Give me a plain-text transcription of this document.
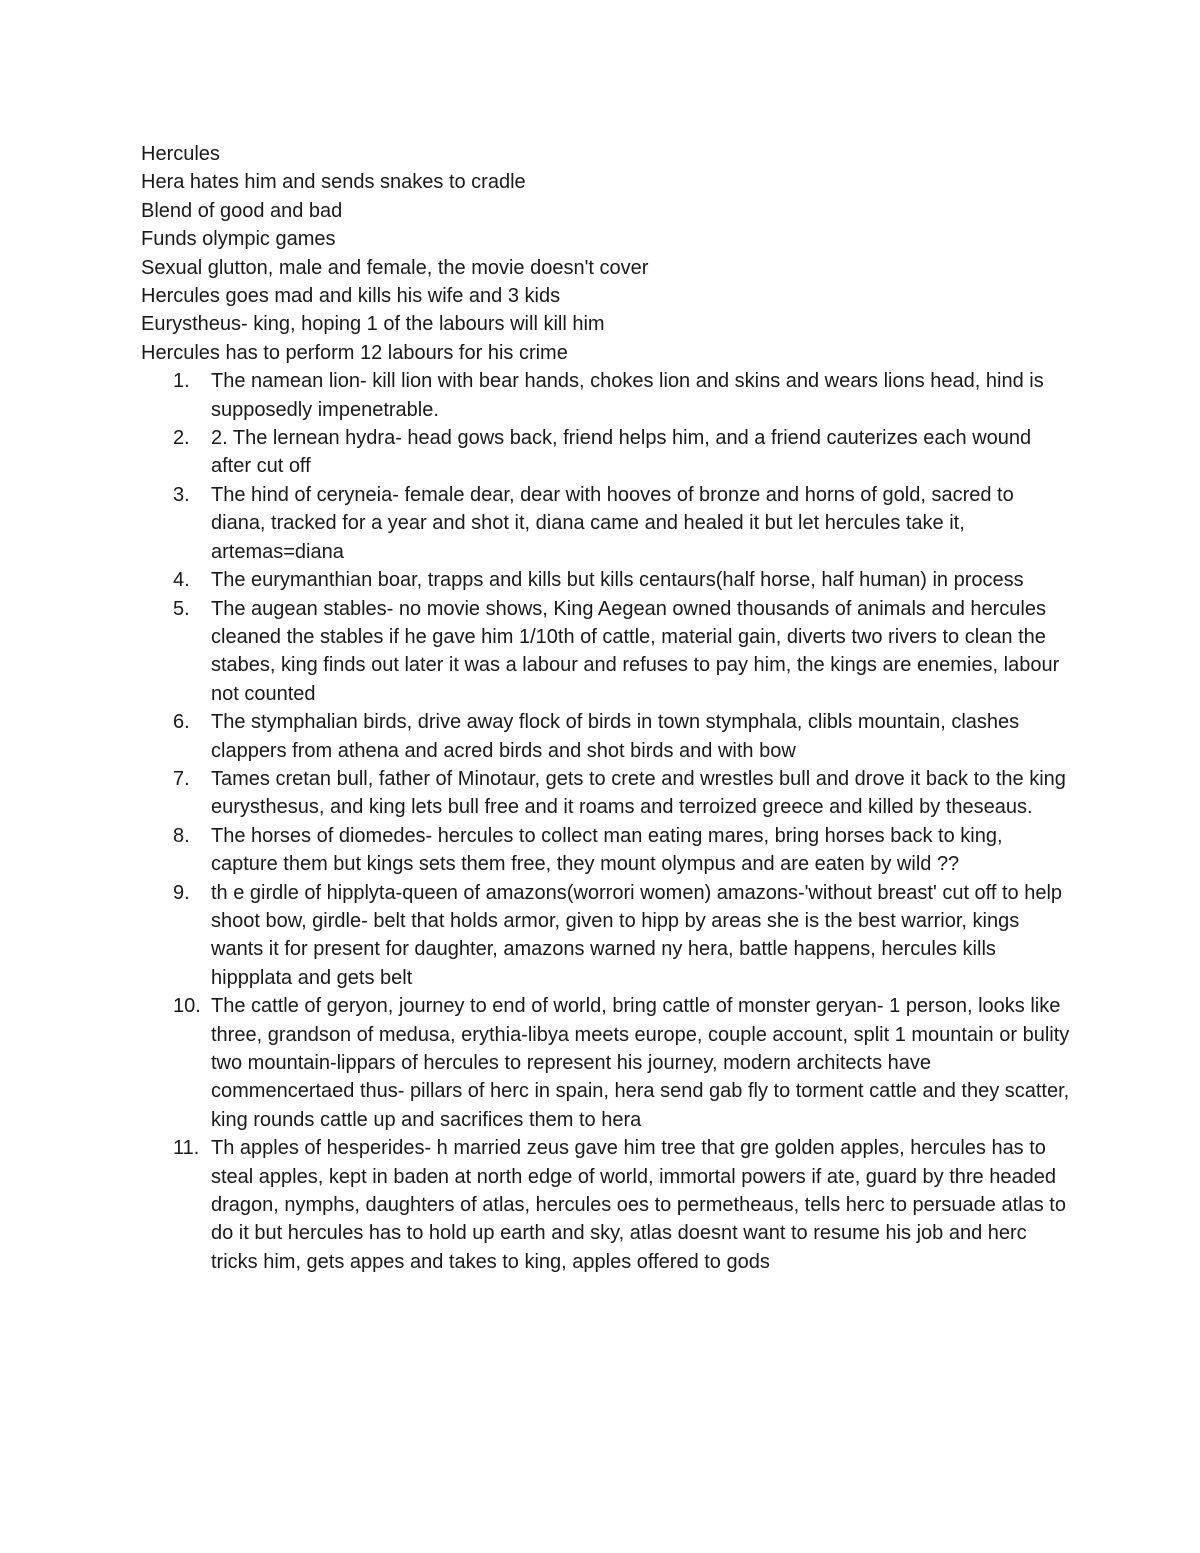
Hercules
Hera hates him and sends snakes to cradle
Blend of good and bad
Funds olympic games
Sexual glutton, male and female, the movie doesn't cover
Hercules goes mad and kills his wife and 3 kids
Eurystheus- king, hoping 1 of the labours will kill him
Hercules has to perform 12 labours for his crime
1.	The namean lion- kill lion with bear hands, chokes lion and skins and wears lions head, hind is supposedly impenetrable.
2.	2. The lernean hydra- head gows back, friend helps him, and a friend cauterizes each wound after cut off
3.	The hind of ceryneia- female dear, dear with hooves of bronze and horns of gold, sacred to diana, tracked for a year and shot it, diana came and healed it but let hercules take it, artemas=diana
4.	The eurymanthian boar, trapps and kills but kills centaurs(half horse, half human) in process
5.	The augean stables- no movie shows, King Aegean owned thousands of animals and hercules cleaned the stables if he gave him 1/10th of cattle, material gain, diverts two rivers to clean the stabes, king finds out later it was a labour and refuses to pay him, the kings are enemies, labour not counted
6.	The stymphalian birds, drive away flock of birds in town stymphala, clibls mountain, clashes clappers from athena and acred birds and shot birds and with bow
7.	Tames cretan bull, father of Minotaur, gets to crete and wrestles bull and drove it back to the king eurysthesus, and king lets bull free and it roams and terroized greece and killed by theseaus.
8.	The horses of diomedes- hercules to collect man eating mares, bring horses back to king, capture them but kings sets them free, they mount olympus and are eaten by wild ??
9.	th e girdle of hipplyta-queen of amazons(worrori women) amazons-'without breast' cut off to help shoot bow, girdle- belt that holds armor, given to hipp by areas she is the best warrior, kings wants it for present for daughter, amazons warned ny hera, battle happens, hercules kills hippplata and gets belt
10. The cattle of geryon, journey to end of world, bring cattle of monster geryan- 1 person, looks like three, grandson of medusa, erythia-libya meets europe, couple account, split 1 mountain or bulity two mountain-lippars of hercules to represent his journey, modern architects have commencertaed thus- pillars of herc in spain, hera send gab fly to torment cattle and they scatter, king rounds cattle up and sacrifices them to hera
11. Th apples of hesperides- h married zeus gave him tree that gre golden apples, hercules has to steal apples, kept in baden at north edge of world, immortal powers if ate, guard by thre headed dragon, nymphs, daughters of atlas, hercules oes to permetheaus, tells herc to persuade atlas to do it but hercules has to hold up earth and sky, atlas doesnt want to resume his job and herc tricks him, gets appes and takes to king, apples offered to gods
